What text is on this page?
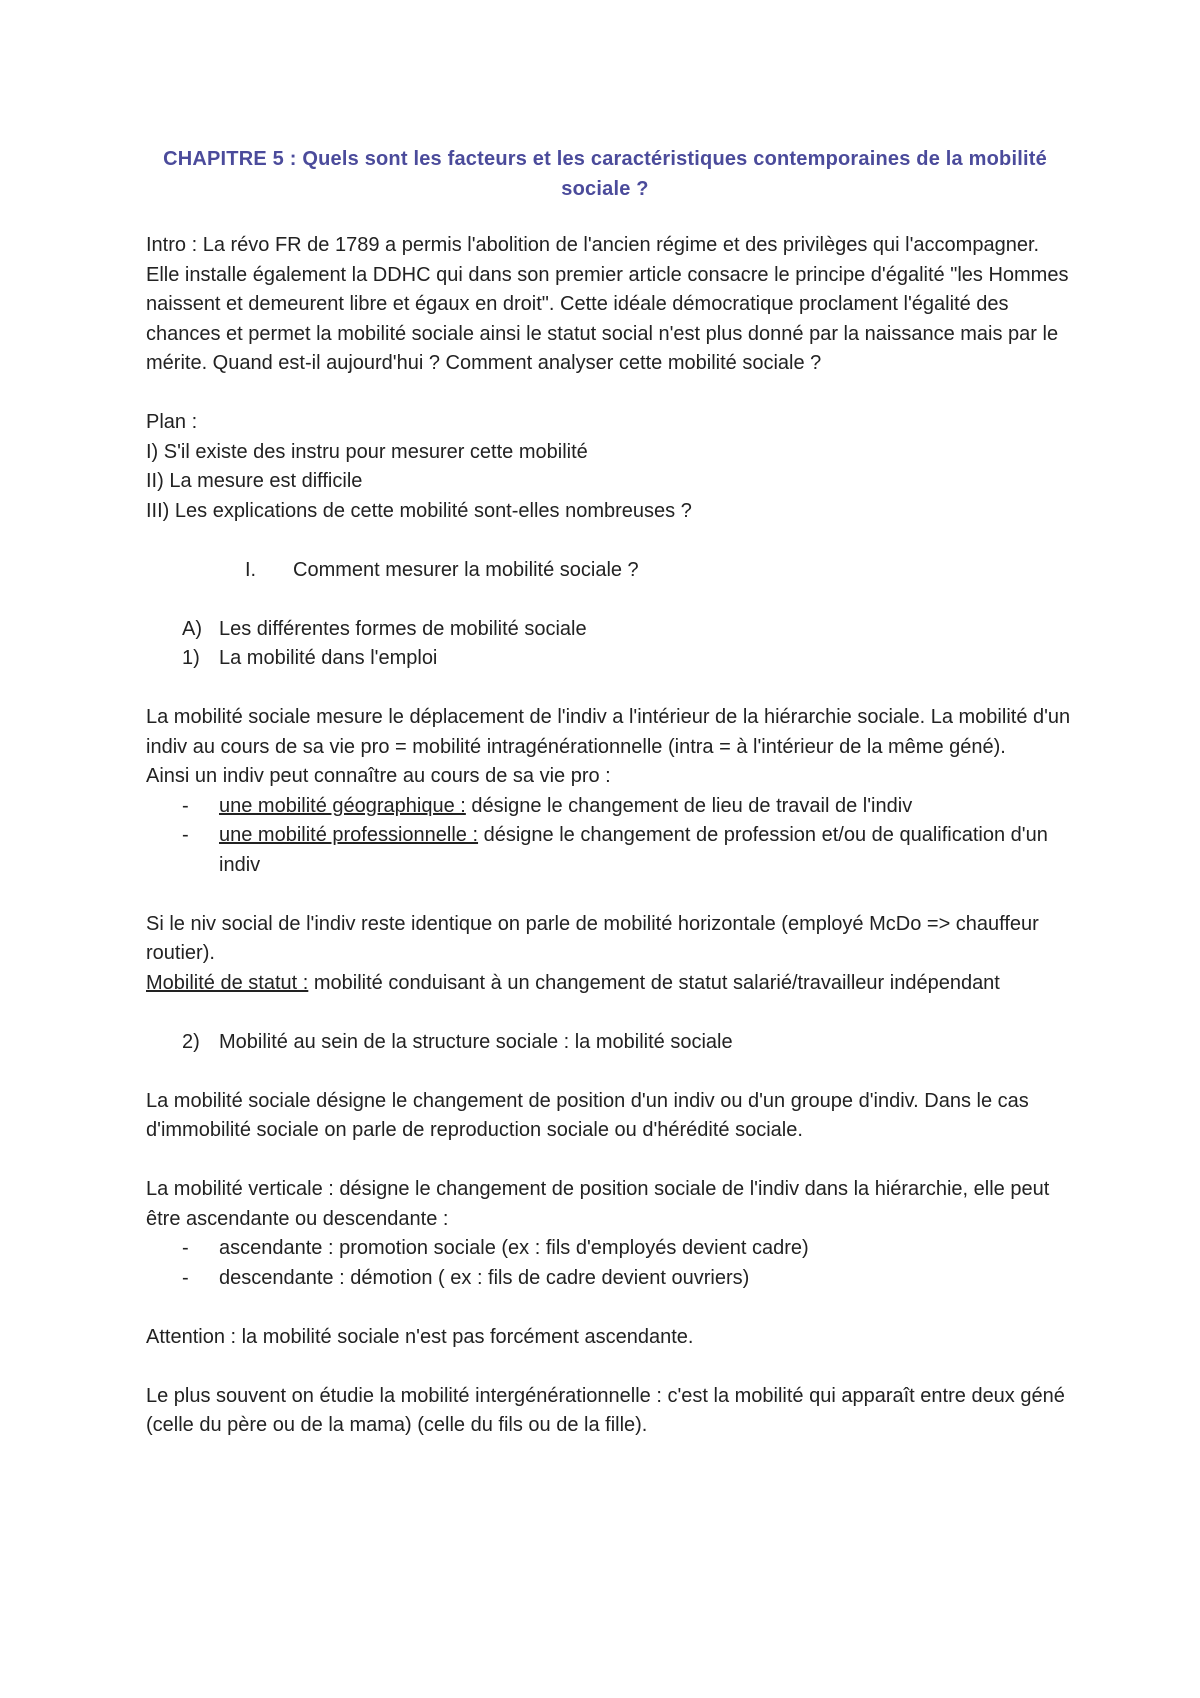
CHAPITRE 5 : Quels sont les facteurs et les caractéristiques contemporaines de la mobilité sociale ?

Intro : La révo FR de 1789 a permis l'abolition de l'ancien régime et des privilèges qui l'accompagner. Elle installe également la DDHC qui dans son premier article consacre le principe d'égalité "les Hommes naissent et demeurent libre et égaux en droit". Cette idéale démocratique proclament l'égalité des chances et permet la mobilité sociale ainsi le statut social n'est plus donné par la naissance mais par le mérite. Quand est-il aujourd'hui ? Comment analyser cette mobilité sociale ?

Plan :

I) S'il existe des instru pour mesurer cette mobilité

II) La mesure est difficile

III) Les explications de cette mobilité sont-elles nombreuses ?

I.	Comment mesurer la mobilité sociale ?
A) Les différentes formes de mobilité sociale
1) La mobilité dans l'emploi

La mobilité sociale mesure le déplacement de l'indiv a l'intérieur de la hiérarchie sociale. La mobilité d'un indiv au cours de sa vie pro = mobilité intragénérationnelle (intra = à l'intérieur de la même géné).

Ainsi un indiv peut connaître au cours de sa vie pro :

-	une mobilité géographique : désigne le changement de lieu de travail de l'indiv
-	une mobilité professionnelle : désigne le changement de profession et/ou de qualification d'un indiv

Si le niv social de l'indiv reste identique on parle de mobilité horizontale (employé McDo => chauffeur routier).

Mobilité de statut : mobilité conduisant à un changement de statut salarié/travailleur indépendant

2) Mobilité au sein de la structure sociale : la mobilité sociale

La mobilité sociale désigne le changement de position d'un indiv ou d'un groupe d'indiv. Dans le cas d'immobilité sociale on parle de reproduction sociale ou d'hérédité sociale.

La mobilité verticale : désigne le changement de position sociale de l'indiv dans la hiérarchie, elle peut être ascendante ou descendante :

-	ascendante : promotion sociale (ex : fils d'employés devient cadre)
-	descendante : démotion ( ex : fils de cadre devient ouvriers)

Attention : la mobilité sociale n'est pas forcément ascendante.

Le plus souvent on étudie la mobilité intergénérationnelle : c'est la mobilité qui apparaît entre deux géné (celle du père ou de la mama) (celle du fils ou de la fille).
